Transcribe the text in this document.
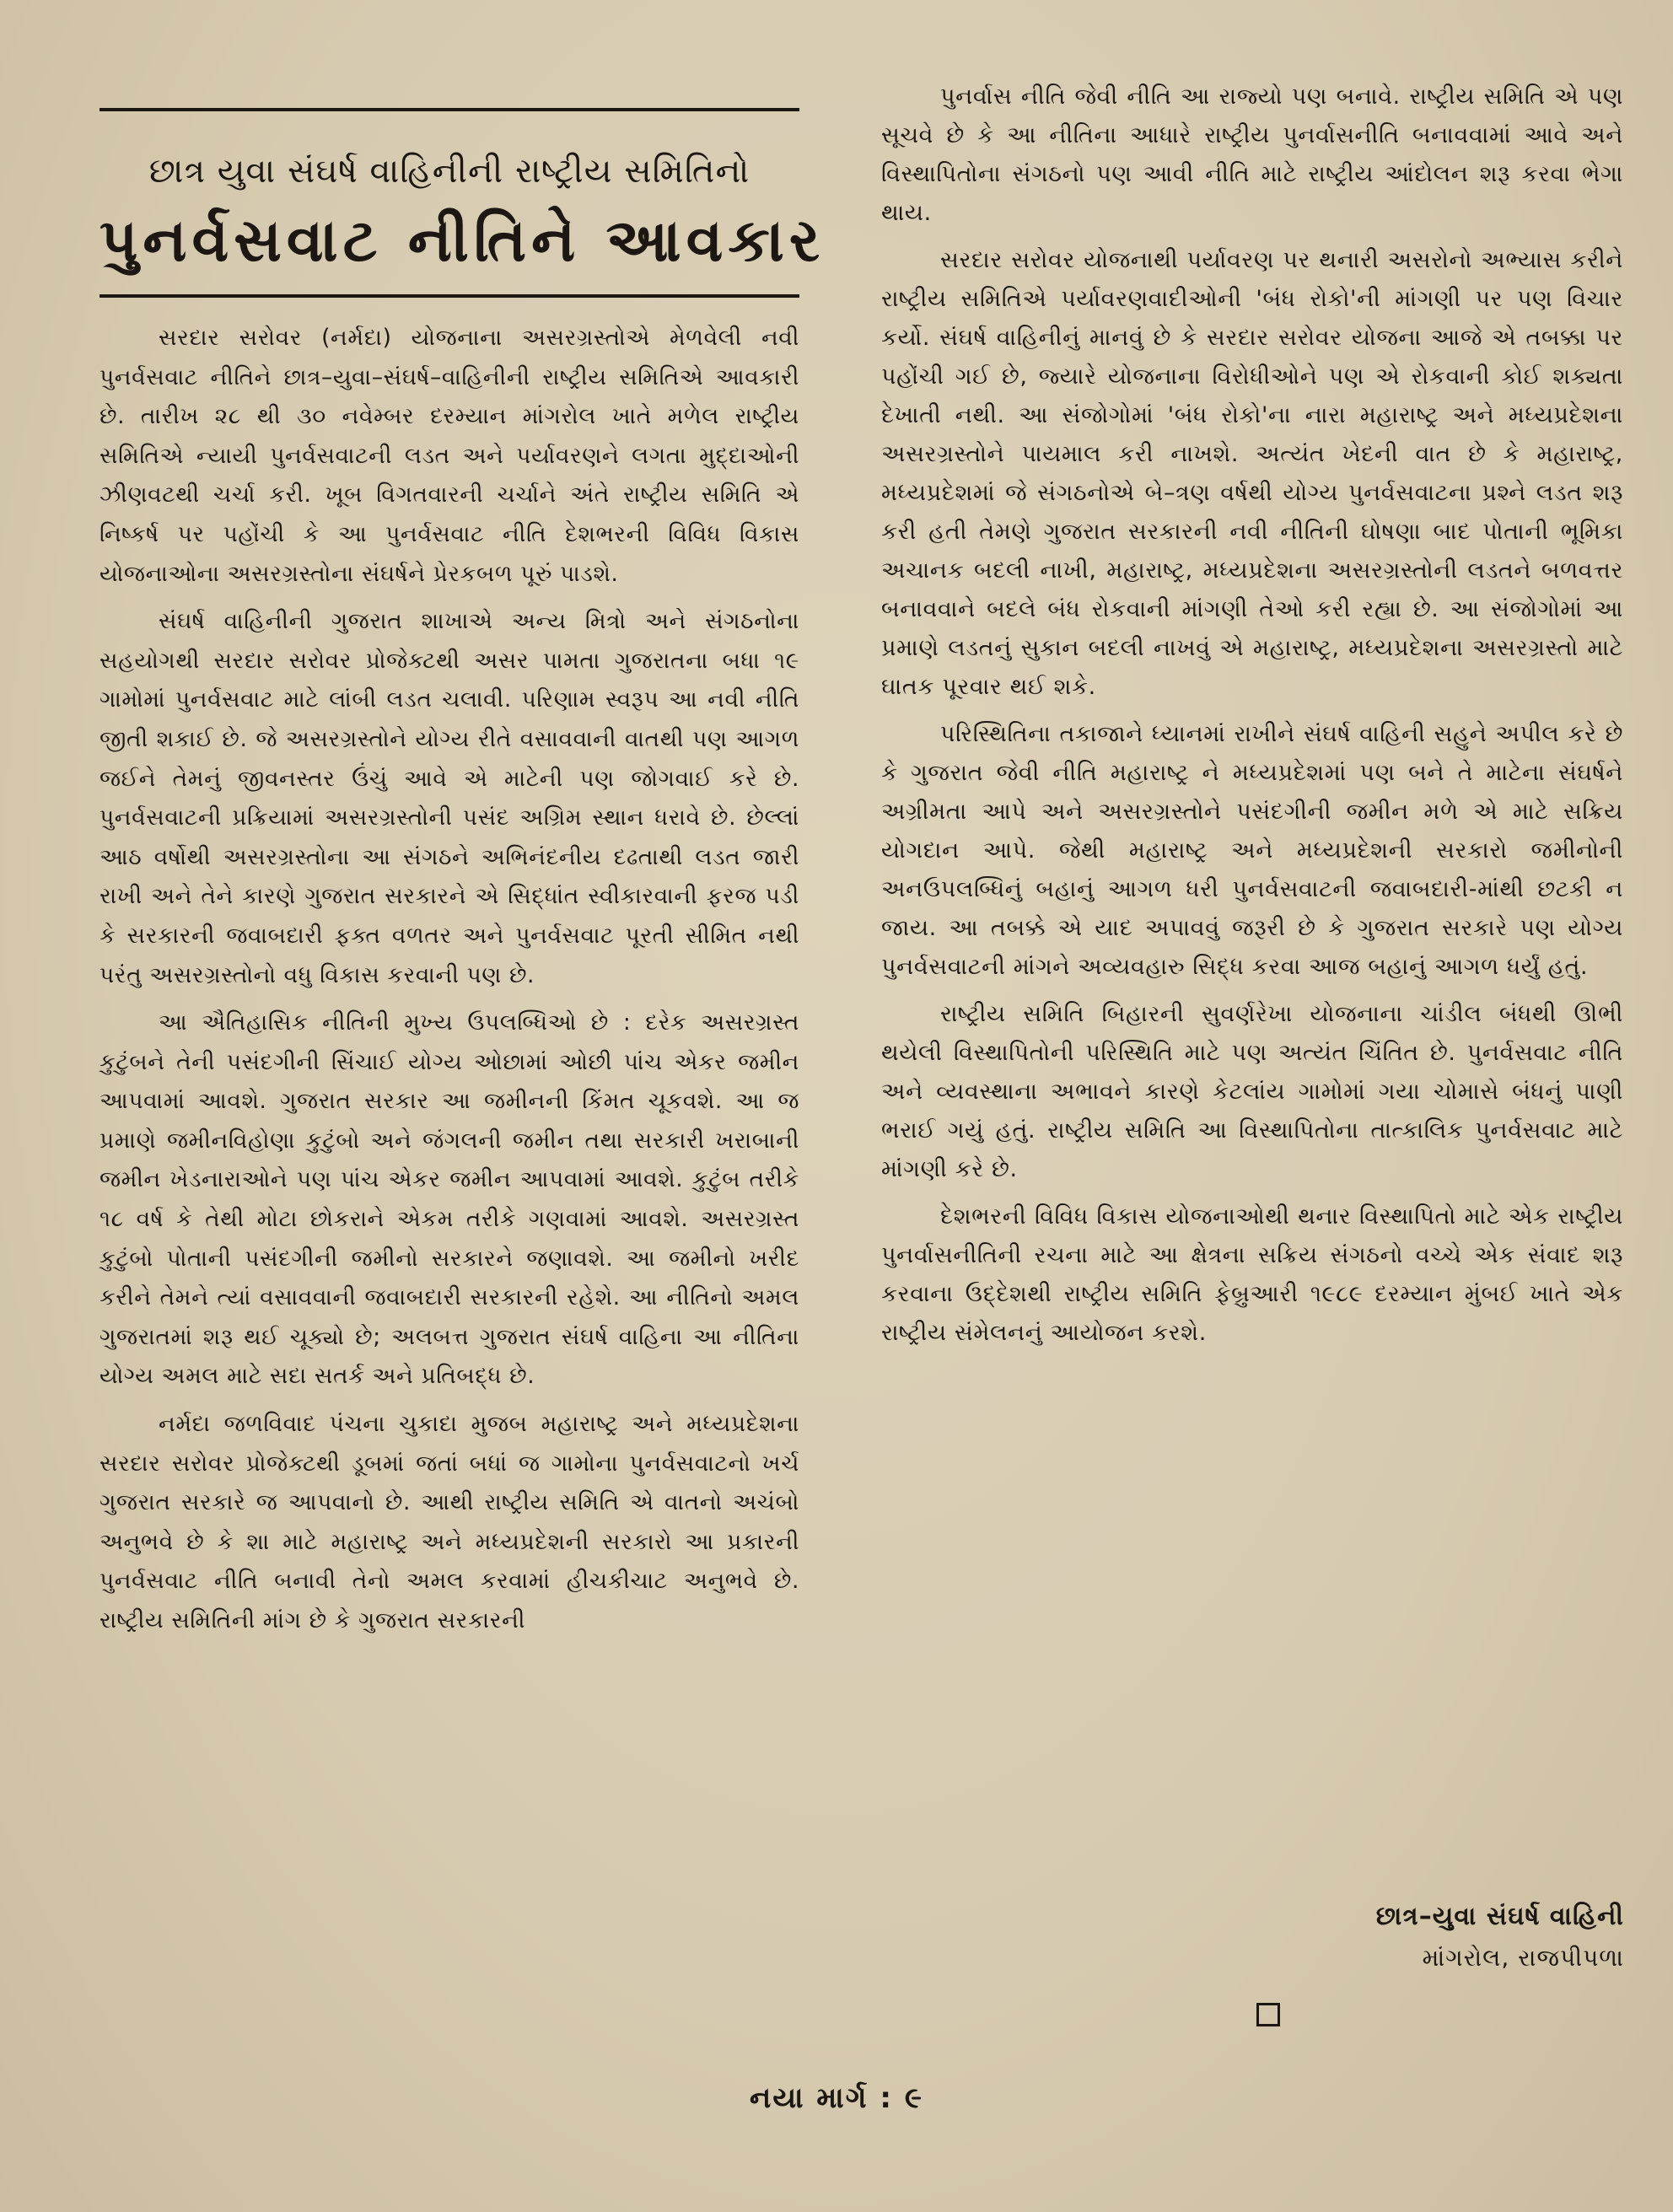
છાત્ર યુવા સંઘર્ષ વાહિનીની રાષ્ટ્રીય સમિતિનો
પુનર્વસવાટ નીતિને આવકાર

સરદાર સરોવર (નર્મદા) યોજનાના અસરગ્રસ્તોએ મેળવેલી નવી પુનર્વસવાટ નીતિને છાત્ર–યુવા–સંઘર્ષ–વાહિનીની રાષ્ટ્રીય સમિતિએ આવકારી છે. તારીખ ૨૮ થી ૩૦ નવેમ્બર દરમ્યાન માંગરોલ ખાતે મળેલ રાષ્ટ્રીય સમિતિએ ન્યાયી પુનર્વસવાટની લડત અને પર્યાવરણને લગતા મુદ્દાઓની ઝીણવટથી ચર્ચા કરી. ખૂબ વિગતવારની ચર્ચાને અંતે રાષ્ટ્રીય સમિતિ એ નિષ્કર્ષ પર પહોંચી કે આ પુનર્વસવાટ નીતિ દેશભરની વિવિધ વિકાસ યોજનાઓના અસરગ્રસ્તોના સંઘર્ષને પ્રેરકબળ પૂરું પાડશે.

સંઘર્ષ વાહિનીની ગુજરાત શાખાએ અન્ય મિત્રો અને સંગઠનોના સહયોગથી સરદાર સરોવર પ્રોજેક્ટથી અસર પામતા ગુજરાતના બધા ૧૯ ગામોમાં પુનર્વસવાટ માટે લાંબી લડત ચલાવી. પરિણામ સ્વરૂપ આ નવી નીતિ જીતી શકાઈ છે. જે અસરગ્રસ્તોને યોગ્ય રીતે વસાવવાની વાતથી પણ આગળ જઈને તેમનું જીવનસ્તર ઉંચું આવે એ માટેની પણ જોગવાઈ કરે છે. પુનર્વસવાટની પ્રક્રિયામાં અસરગ્રસ્તોની પસંદ અગ્રિમ સ્થાન ધરાવે છે. છેલ્લાં આઠ વર્ષોથી અસરગ્રસ્તોના આ સંગઠને અભિનંદનીય દઢતાથી લડત જારી રાખી અને તેને કારણે ગુજરાત સરકારને એ સિદ્ધાંત સ્વીકારવાની ફરજ પડી કે સરકારની જવાબદારી ફક્ત વળતર અને પુનર્વસવાટ પૂરતી સીમિત નથી પરંતુ અસરગ્રસ્તોનો વધુ વિકાસ કરવાની પણ છે.

આ ઐતિહાસિક નીતિની મુખ્ય ઉપલબ્ધિઓ છે : દરેક અસરગ્રસ્ત કુટુંબને તેની પસંદગીની સિંચાઈ યોગ્ય ઓછામાં ઓછી પાંચ એકર જમીન આપવામાં આવશે. ગુજરાત સરકાર આ જમીનની કિંમત ચૂકવશે. આ જ પ્રમાણે જમીનવિહોણા કુટુંબો અને જંગલની જમીન તથા સરકારી ખરાબાની જમીન ખેડનારાઓને પણ પાંચ એકર જમીન આપવામાં આવશે. કુટુંબ તરીકે ૧૮ વર્ષ કે તેથી મોટા છોકરાને એકમ તરીકે ગણવામાં આવશે. અસરગ્રસ્ત કુટુંબો પોતાની પસંદગીની જમીનો સરકારને જણાવશે. આ જમીનો ખરીદ કરીને તેમને ત્યાં વસાવવાની જવાબદારી સરકારની રહેશે. આ નીતિનો અમલ ગુજરાતમાં શરૂ થઈ ચૂક્યો છે; અલબત્ત ગુજરાત સંઘર્ષ વાહિના આ નીતિના યોગ્ય અમલ માટે સદા સતર્ક અને પ્રતિબદ્ધ છે.

નર્મદા જળવિવાદ પંચના ચુકાદા મુજબ મહારાષ્ટ્ર અને મધ્યપ્રદેશના સરદાર સરોવર પ્રોજેક્ટથી ડૂબમાં જતાં બધાં જ ગામોના પુનર્વસવાટનો ખર્ચ ગુજરાત સરકારે જ આપવાનો છે. આથી રાષ્ટ્રીય સમિતિ એ વાતનો અચંબો અનુભવે છે કે શા માટે મહારાષ્ટ્ર અને મધ્યપ્રદેશની સરકારો આ પ્રકારની પુનર્વસવાટ નીતિ બનાવી તેનો અમલ કરવામાં હીચકીચાટ અનુભવે છે. રાષ્ટ્રીય સમિતિની માંગ છે કે ગુજરાત સરકારની

પુનર્વાસ નીતિ જેવી નીતિ આ રાજ્યો પણ બનાવે. રાષ્ટ્રીય સમિતિ એ પણ સૂચવે છે કે આ નીતિના આધારે રાષ્ટ્રીય પુનર્વાસનીતિ બનાવવામાં આવે અને વિસ્થાપિતોના સંગઠનો પણ આવી નીતિ માટે રાષ્ટ્રીય આંદોલન શરૂ કરવા ભેગા થાય.

સરદાર સરોવર યોજનાથી પર્યાવરણ પર થનારી અસરોનો અભ્યાસ કરીને રાષ્ટ્રીય સમિતિએ પર્યાવરણવાદીઓની 'બંધ રોકો'ની માંગણી પર પણ વિચાર કર્યો. સંઘર્ષ વાહિનીનું માનવું છે કે સરદાર સરોવર યોજના આજે એ તબક્કા પર પહોંચી ગઈ છે, જ્યારે યોજનાના વિરોધીઓને પણ એ રોકવાની કોઈ શક્યતા દેખાતી નથી. આ સંજોગોમાં 'બંધ રોકો'ના નારા મહારાષ્ટ્ર અને મધ્યપ્રદેશના અસરગ્રસ્તોને પાયમાલ કરી નાખશે. અત્યંત ખેદની વાત છે કે મહારાષ્ટ્ર, મધ્યપ્રદેશમાં જે સંગઠનોએ બે–ત્રણ વર્ષથી યોગ્ય પુનર્વસવાટના પ્રશ્ને લડત શરૂ કરી હતી તેમણે ગુજરાત સરકારની નવી નીતિની ઘોષણા બાદ પોતાની ભૂમિકા અચાનક બદલી નાખી, મહારાષ્ટ્ર, મધ્યપ્રદેશના અસરગ્રસ્તોની લડતને બળવત્તર બનાવવાને બદલે બંધ રોકવાની માંગણી તેઓ કરી રહ્યા છે. આ સંજોગોમાં આ પ્રમાણે લડતનું સુકાન બદલી નાખવું એ મહારાષ્ટ્ર, મધ્યપ્રદેશના અસરગ્રસ્તો માટે ઘાતક પૂરવાર થઈ શકે.

પરિસ્થિતિના તકાજાને ધ્યાનમાં રાખીને સંઘર્ષ વાહિની સહુને અપીલ કરે છે કે ગુજરાત જેવી નીતિ મહારાષ્ટ્ર ને મધ્યપ્રદેશમાં પણ બને તે માટેના સંઘર્ષને અગ્રીમતા આપે અને અસરગ્રસ્તોને પસંદગીની જમીન મળે એ માટે સક્રિય યોગદાન આપે. જેથી મહારાષ્ટ્ર અને મધ્યપ્રદેશની સરકારો જમીનોની અનઉપલબ્ધિનું બહાનું આગળ ધરી પુનર્વસવાટની જવાબદારી-માંથી છટકી ન જાય. આ તબક્કે એ યાદ અપાવવું જરૂરી છે કે ગુજરાત સરકારે પણ યોગ્ય પુનર્વસવાટની માંગને અવ્યવહારુ સિદ્ધ કરવા આજ બહાનું આગળ ધર્યું હતું.

રાષ્ટ્રીય સમિતિ બિહારની સુવર્ણરેખા યોજનાના ચાંડીલ બંધથી ઊભી થયેલી વિસ્થાપિતોની પરિસ્થિતિ માટે પણ અત્યંત ચિંતિત છે. પુનર્વસવાટ નીતિ અને વ્યવસ્થાના અભાવને કારણે કેટલાંય ગામોમાં ગયા ચોમાસે બંધનું પાણી ભરાઈ ગયું હતું. રાષ્ટ્રીય સમિતિ આ વિસ્થાપિતોના તાત્કાલિક પુનર્વસવાટ માટે માંગણી કરે છે.

દેશભરની વિવિધ વિકાસ યોજનાઓથી થનાર વિસ્થાપિતો માટે એક રાષ્ટ્રીય પુનર્વાસનીતિની રચના માટે આ ક્ષેત્રના સક્રિય સંગઠનો વચ્ચે એક સંવાદ શરૂ કરવાના ઉદ્દેશથી રાષ્ટ્રીય સમિતિ ફેબ્રુઆરી ૧૯૮૯ દરમ્યાન મુંબઈ ખાતે એક રાષ્ટ્રીય સંમેલનનું આયોજન કરશે.

છાત્ર–યુવા સંઘર્ષ વાહિની
માંગરોલ, રાજપીપળા
નયા માર્ગ : ૯
